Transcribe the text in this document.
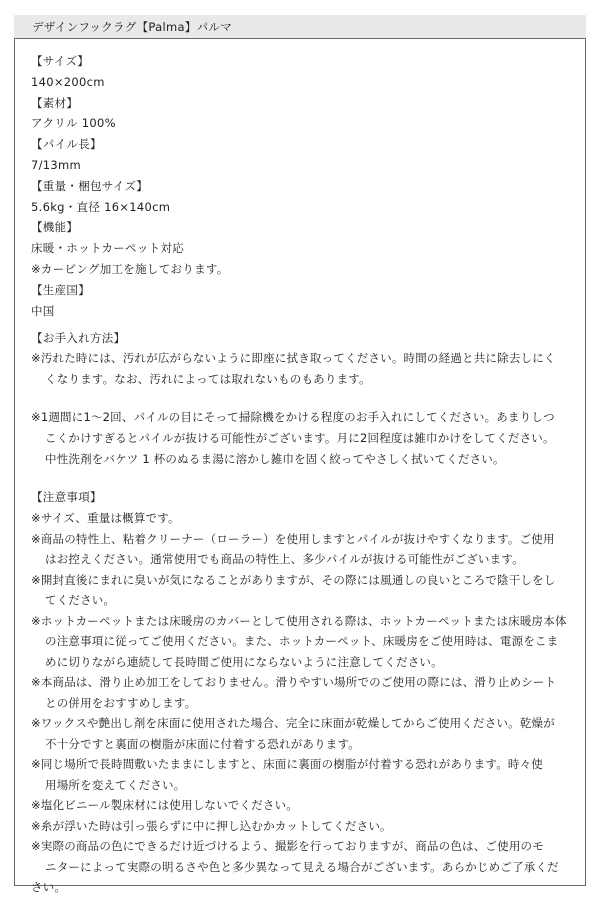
デザインフックラグ【Palma】パルマ
【サイズ】
140×200cm
【素材】
アクリル 100%
【パイル長】
7/13mm
【重量・梱包サイズ】
5.6kg・直径 16×140cm
【機能】
床暖・ホットカーペット対応
※カービング加工を施しております。
【生産国】
中国
【お手入れ方法】
※汚れた時には、汚れが広がらないように即座に拭き取ってください。時間の経過と共に除去しにく
くなります。なお、汚れによっては取れないものもあります。
※1週間に1～2回、パイルの目にそって掃除機をかける程度のお手入れにしてください。あまりしつ
こくかけすぎるとパイルが抜ける可能性がございます。月に2回程度は雑巾かけをしてください。
中性洗剤をバケツ 1 杯のぬるま湯に溶かし雑巾を固く絞ってやさしく拭いてください。
【注意事項】
※サイズ、重量は概算です。
※商品の特性上、粘着クリーナー（ローラー）を使用しますとパイルが抜けやすくなります。ご使用
はお控えください。通常使用でも商品の特性上、多少パイルが抜ける可能性がございます。
※開封直後にまれに臭いが気になることがありますが、その際には風通しの良いところで陰干しをし
てください。
※ホットカーペットまたは床暖房のカバーとして使用される際は、ホットカーペットまたは床暖房本体
の注意事項に従ってご使用ください。また、ホットカーペット、床暖房をご使用時は、電源をこま
めに切りながら連続して長時間ご使用にならないように注意してください。
※本商品は、滑り止め加工をしておりません。滑りやすい場所でのご使用の際には、滑り止めシート
との併用をおすすめします。
※ワックスや艶出し剤を床面に使用された場合、完全に床面が乾燥してからご使用ください。乾燥が
不十分ですと裏面の樹脂が床面に付着する恐れがあります。
※同じ場所で長時間敷いたままにしますと、床面に裏面の樹脂が付着する恐れがあります。時々使
用場所を変えてください。
※塩化ビニール製床材には使用しないでください。
※糸が浮いた時は引っ張らずに中に押し込むかカットしてください。
※実際の商品の色にできるだけ近づけるよう、撮影を行っておりますが、商品の色は、ご使用のモ
ニターによって実際の明るさや色と多少異なって見える場合がございます。あらかじめご了承くだ
さい。
